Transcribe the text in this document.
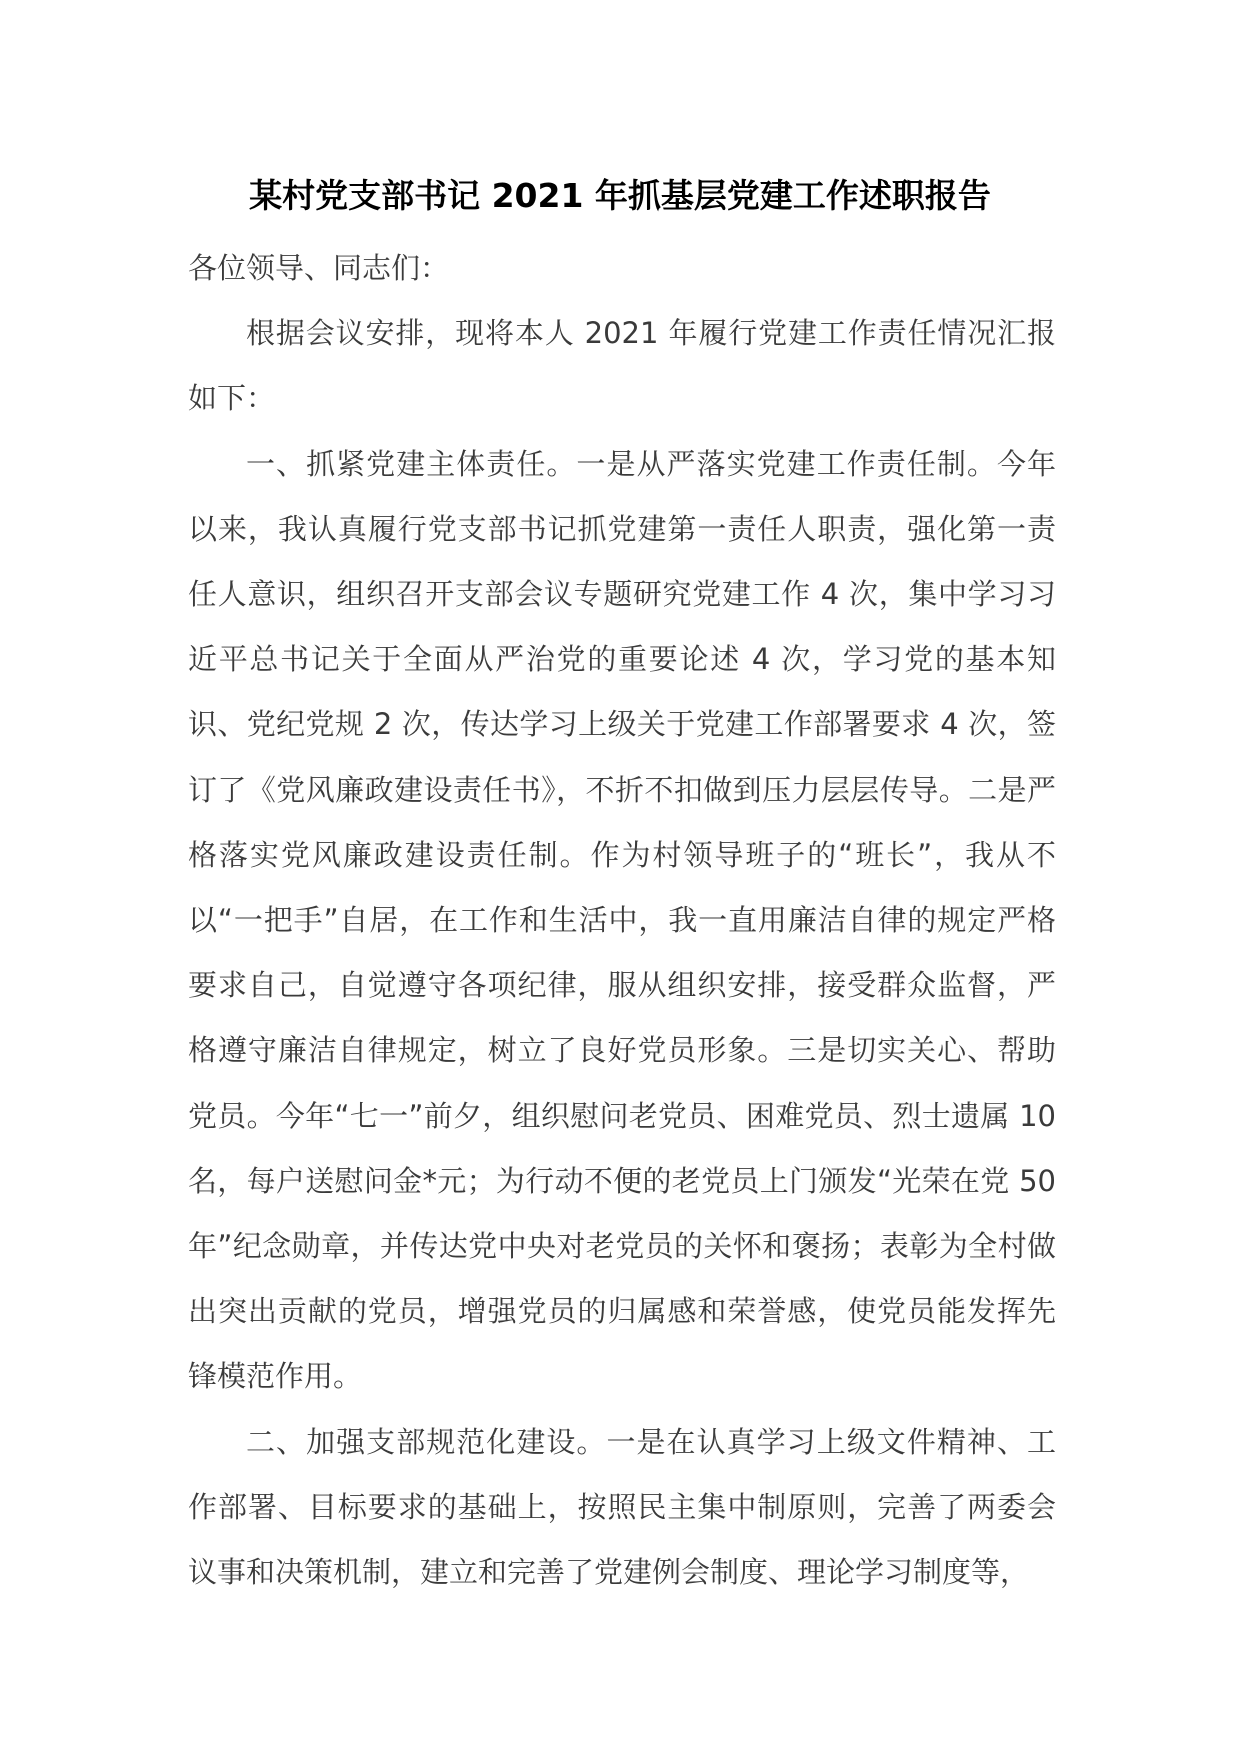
某村党支部书记 2021 年抓基层党建工作述职报告

各位领导、同志们：

根据会议安排，现将本人 2021 年履行党建工作责任情况汇报如下：

一、抓紧党建主体责任。一是从严落实党建工作责任制。今年以来，我认真履行党支部书记抓党建第一责任人职责，强化第一责任人意识，组织召开支部会议专题研究党建工作 4 次，集中学习习近平总书记关于全面从严治党的重要论述 4 次，学习党的基本知识、党纪党规 2 次，传达学习上级关于党建工作部署要求 4 次，签订了《党风廉政建设责任书》，不折不扣做到压力层层传导。二是严格落实党风廉政建设责任制。作为村领导班子的“班长”，我从不以“一把手”自居，在工作和生活中，我一直用廉洁自律的规定严格要求自己，自觉遵守各项纪律，服从组织安排，接受群众监督，严格遵守廉洁自律规定，树立了良好党员形象。三是切实关心、帮助党员。今年“七一”前夕，组织慰问老党员、困难党员、烈士遗属 10 名，每户送慰问金*元；为行动不便的老党员上门颁发“光荣在党 50 年”纪念勋章，并传达党中央对老党员的关怀和褒扬；表彰为全村做出突出贡献的党员，增强党员的归属感和荣誉感，使党员能发挥先锋模范作用。

二、加强支部规范化建设。一是在认真学习上级文件精神、工作部署、目标要求的基础上，按照民主集中制原则，完善了两委会议事和决策机制，建立和完善了党建例会制度、理论学习制度等，
